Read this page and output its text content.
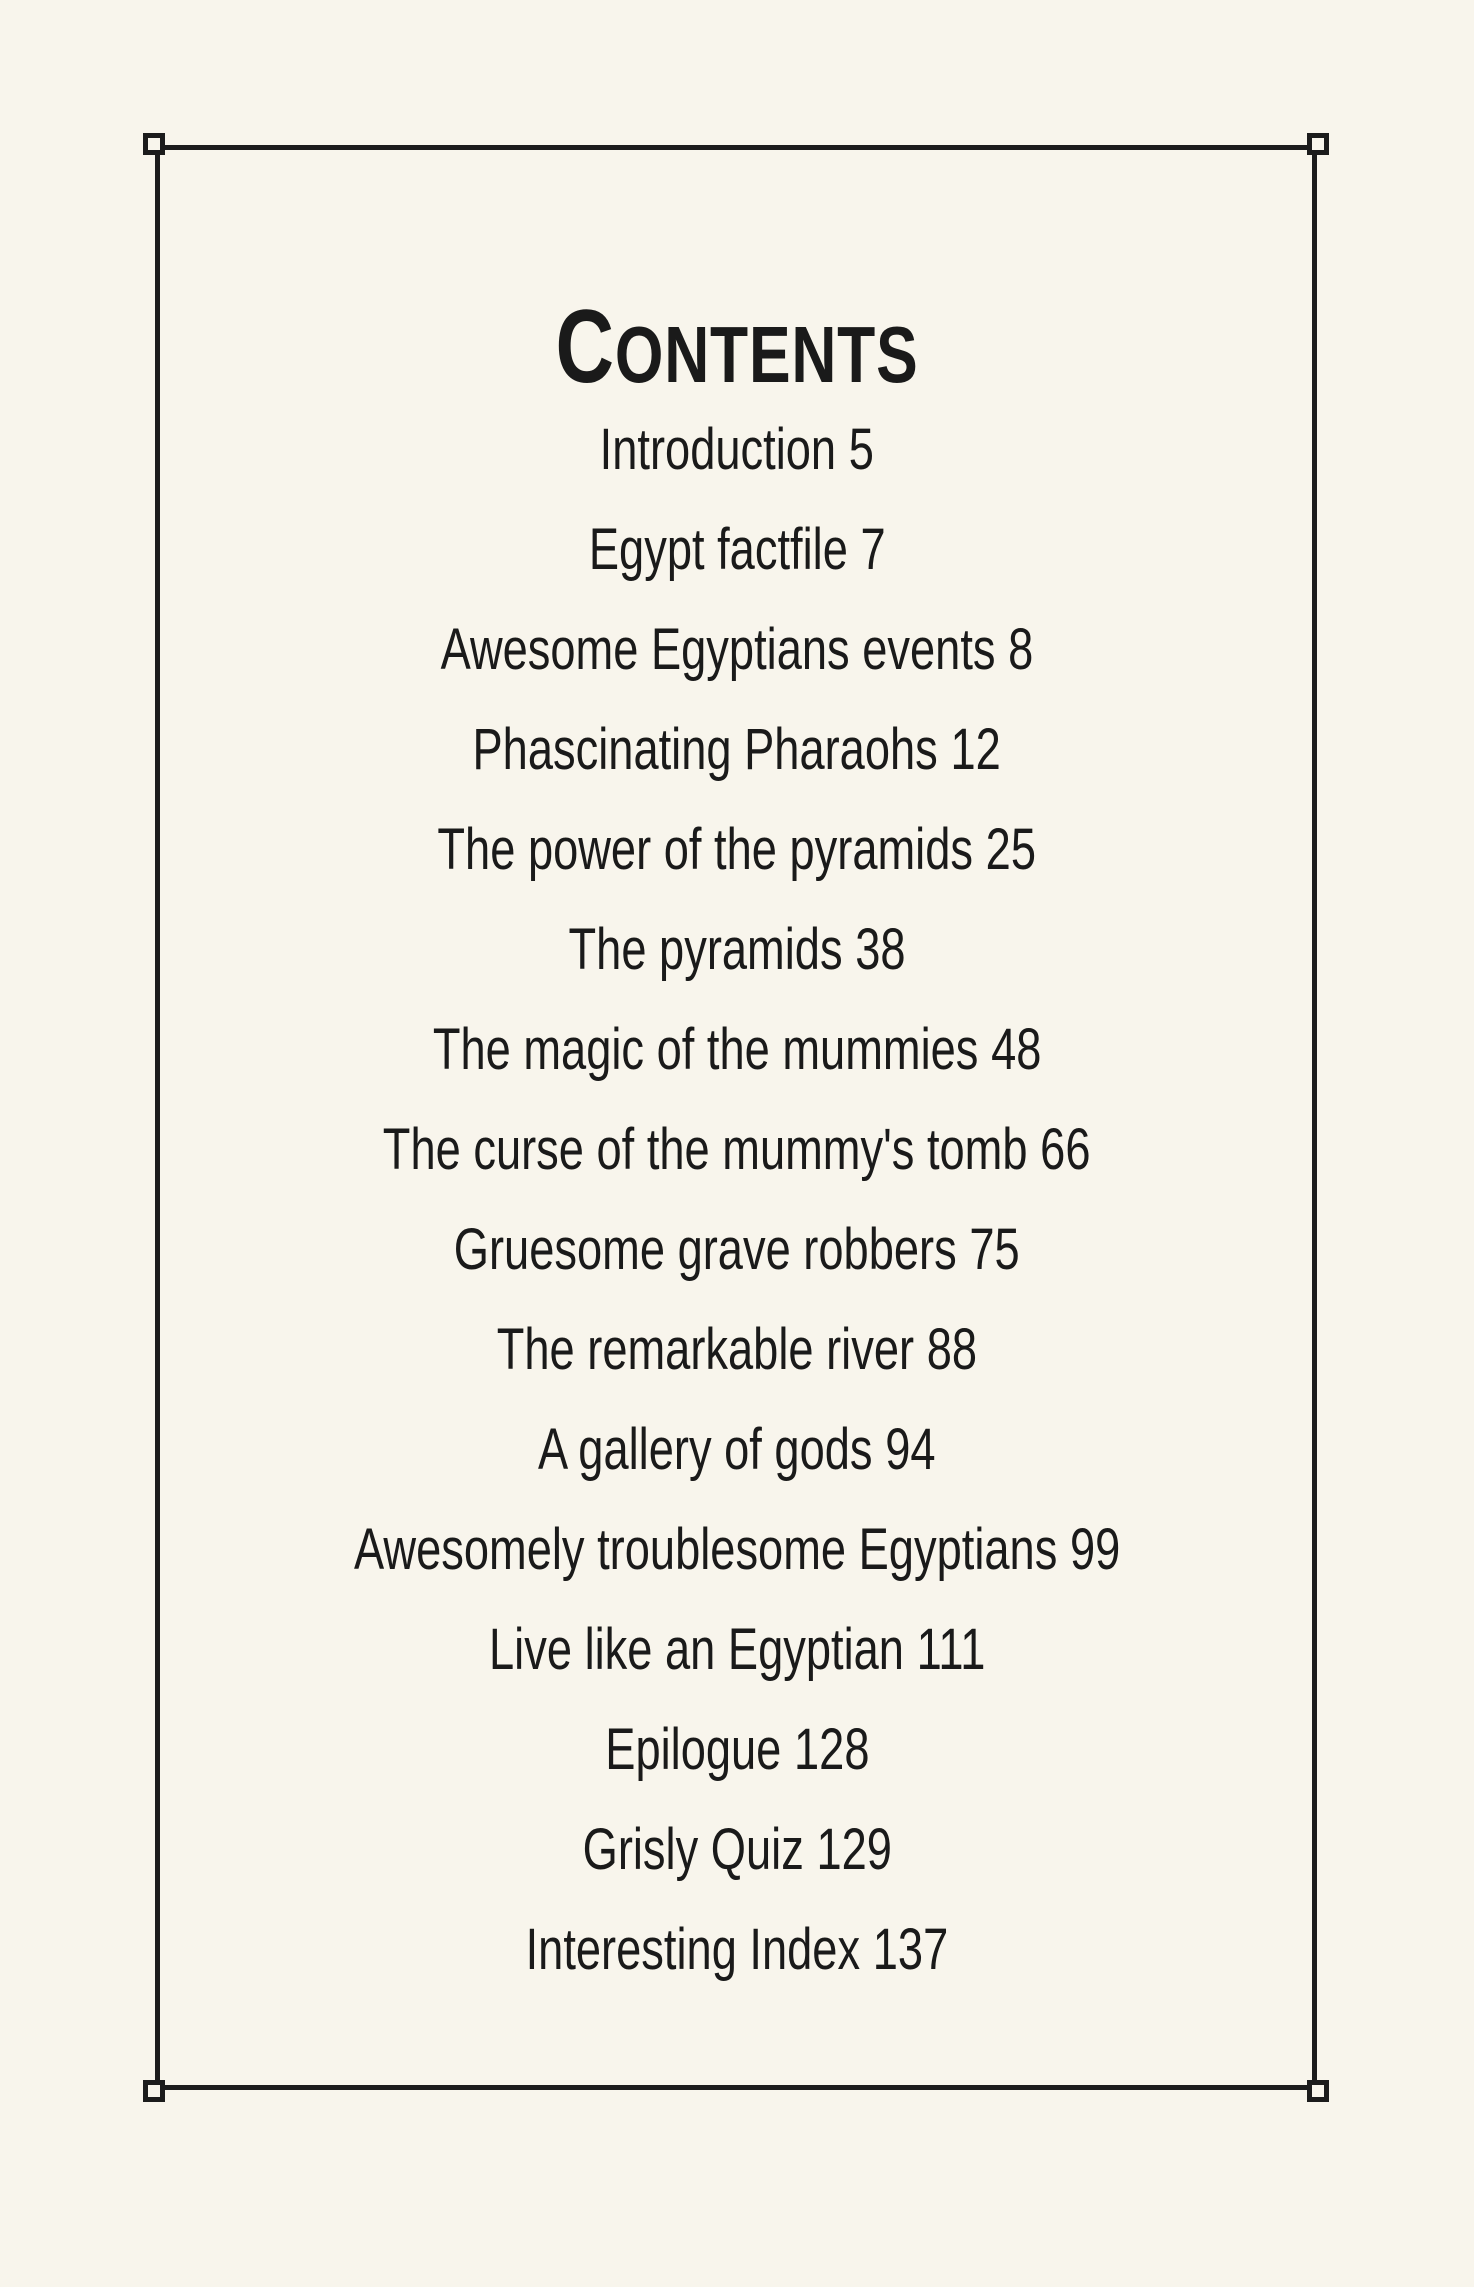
CONTENTS
Introduction 5
Egypt factfile 7
Awesome Egyptians events 8
Phascinating Pharaohs 12
The power of the pyramids 25
The pyramids 38
The magic of the mummies 48
The curse of the mummy's tomb 66
Gruesome grave robbers 75
The remarkable river 88
A gallery of gods 94
Awesomely troublesome Egyptians 99
Live like an Egyptian 111
Epilogue 128
Grisly Quiz 129
Interesting Index 137
